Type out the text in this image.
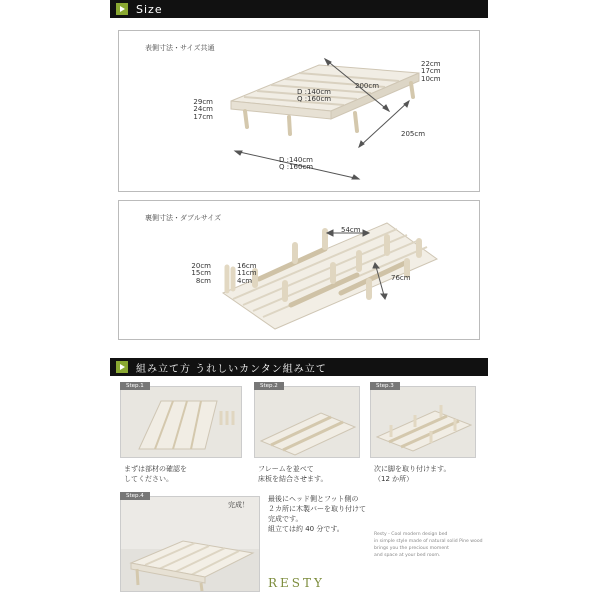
Size
表側寸法・サイズ共通
D :140cm
Q :160cm
200cm
22cm
17cm
10cm
29cm
24cm
17cm
205cm
D :140cm
Q :160cm
裏側寸法・ダブルサイズ
54cm
76cm
20cm
15cm
8cm
16cm
11cm
4cm
組み立て方 うれしいカンタン組み立て
Step.1
まずは部材の確認を
してください。
Step.2
フレームを並べて
床板を結合させます。
Step.3
次に脚を取り付けます。
（12 か所）
Step.4
完成！
最後にヘッド側とフット側の
２カ所に木製バーを取り付けて
完成です。
組立ては約 40 分です。
Resty - Cool modern design bed
in simple style made of natural solid Pine wood
brings you the precious moment
and space at your bed room.
RESTY
